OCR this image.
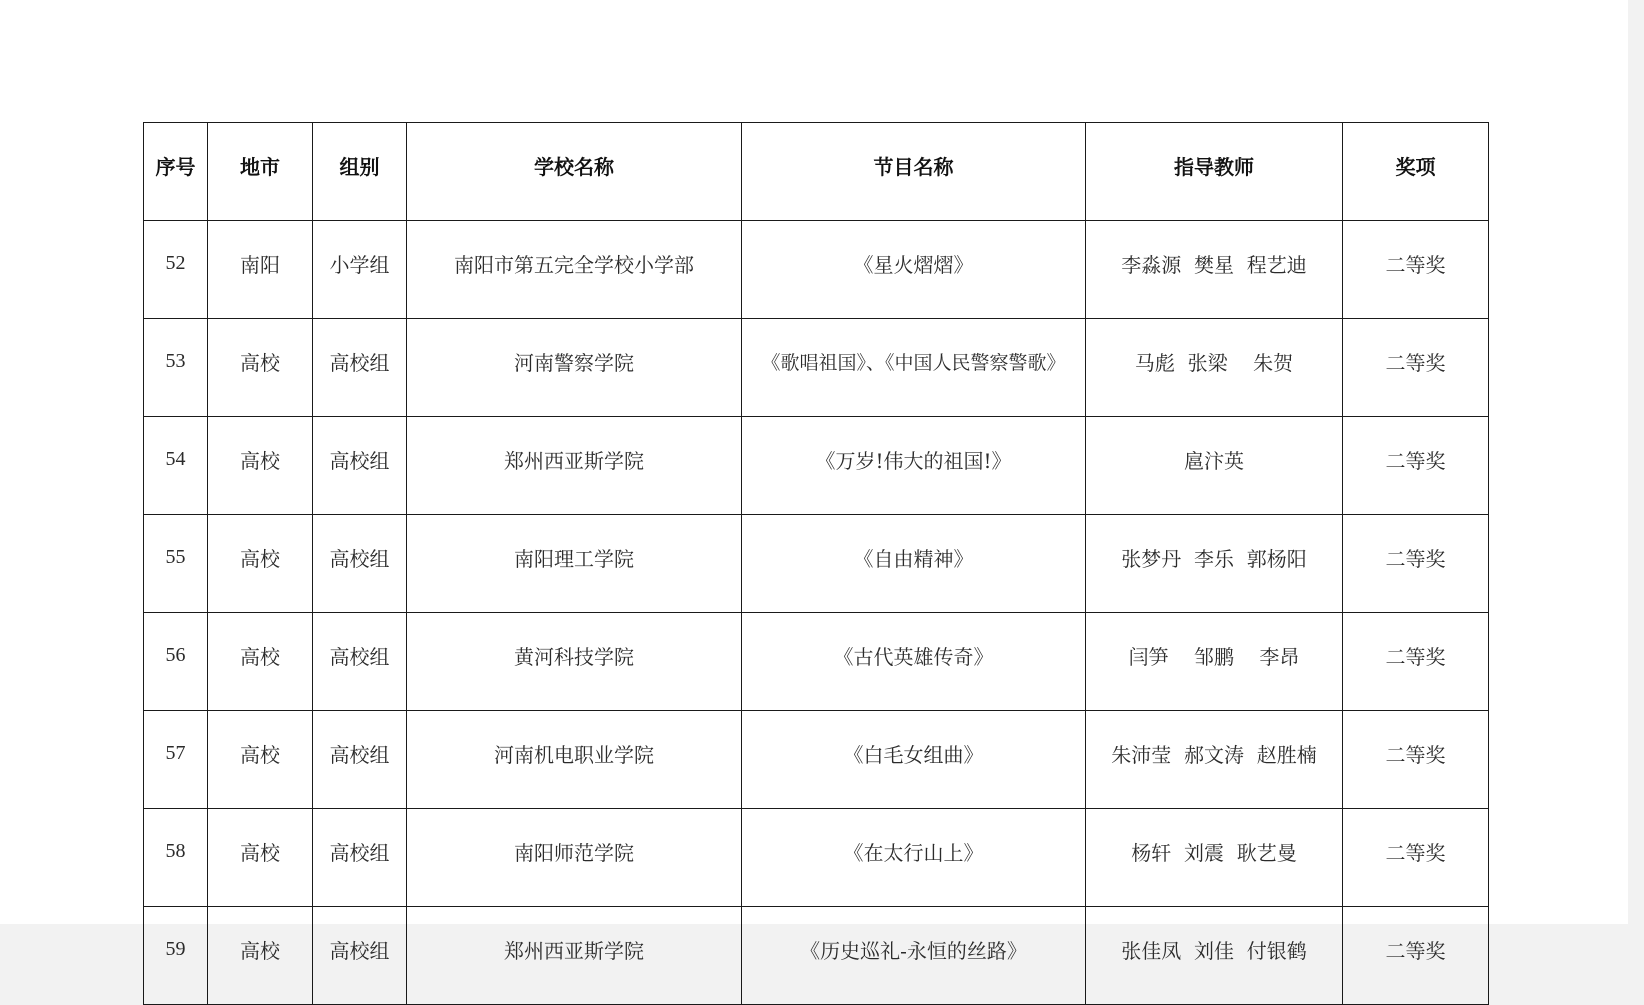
序号	地市	组别	学校名称	节目名称	指导教师	奖项
52	南阳	小学组	南阳市第五完全学校小学部	《星火熠熠》	李淼源  樊星  程艺迪	二等奖
53	高校	高校组	河南警察学院	《歌唱祖国》、《中国人民警察警歌》	马彪  张梁    朱贺	二等奖
54	高校	高校组	郑州西亚斯学院	《万岁!伟大的祖国!》	扈汴英	二等奖
55	高校	高校组	南阳理工学院	《自由精神》	张梦丹  李乐  郭杨阳	二等奖
56	高校	高校组	黄河科技学院	《古代英雄传奇》	闫笋    邹鹏    李昂	二等奖
57	高校	高校组	河南机电职业学院	《白毛女组曲》	朱沛莹  郝文涛  赵胜楠	二等奖
58	高校	高校组	南阳师范学院	《在太行山上》	杨轩  刘震  耿艺曼	二等奖
59	高校	高校组	郑州西亚斯学院	《历史巡礼-永恒的丝路》	张佳凤  刘佳  付银鹤	二等奖
